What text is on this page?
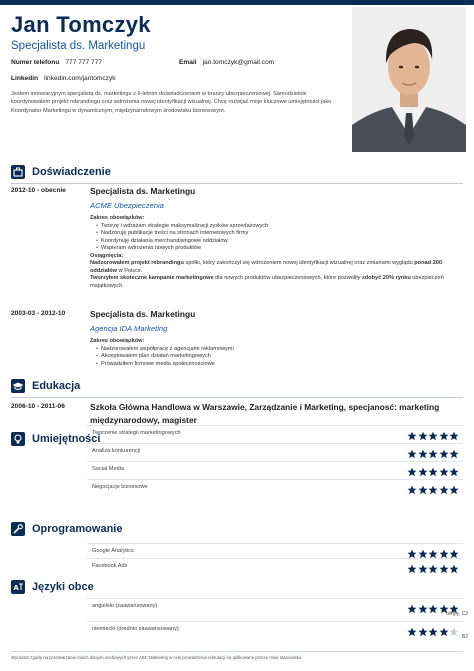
Jan Tomczyk
Specjalista ds. Marketingu
Numer telefonu 777 777 777	Email jan.tomczyk@gmail.com
Linkedin linkedin.com/jantomczyk
Jestem innowacyjnym specjalistą ds. marketingu z 6-letnim doświadczeniem w branży ubezpieczeniowej. Samodzielnie koordynowałem projekt rebrandingu oraz wdrożenia nowej identyfikacji wizualnej. Chcę rozwijać moje kluczowe umiejętności jako Koordynator Marketingu w dynamicznym, międzynarodowym środowisku biznesowym.
Doświadczenie
2012-10 - obecnie	Specjalista ds. Marketingu
ACME Ubezpieczenia
Zakres obowiązków:
• Tworzę i wdrażam strategie maksymalizacji zysków sprzedażowych
• Nadzoruję publikacje treści na stronach internetowych firmy
• Koordynuję działania merchandisingowe oddziałów
• Wspieram wdrożenia nowych produktów
Osiągnięcia:
Nadzorowałem projekt rebrandingu spółki, który zakończył się wdrożeniem nowej identyfikacji wizualnej oraz zmianami wyglądu ponad 200 oddziałów w Polsce.
Tworzyłem skuteczne kampanie marketingowe dla nowych produktów ubezpieczeniowych, które pozwoliły zdobyć 20% rynku ubezpieczeń majątkowych.
2003-03 - 2012-10	Specjalista ds. Marketingu
Agencja IDA Marketing
Zakres obowiązków:
• Nadzorowałem współpracę z agencjami reklamowymi
• Akceptowałem plan działań marketingowych
• Prowadziłem firmowe media społecznościowe
Edukacja
2006-10 - 2011-06	Szkoła Główna Handlowa w Warszawie, Zarządzanie i Marketing, specjanosć: marketing międzynarodowy, magister
Umiejętności
Tworzenie strategii marketingowych
Analiza konkurencji
Social Media
Negocjacje biznesowe
Oprogramowanie
Google Analytics
Facebook Ads
A Języki obce
angielski (zaawansowany)
biegły, C2
niemiecki (średnio zaawansowany)
B2
Wyrażam zgodę na przetwarzanie moich danych osobowych przez ABC Marketing w celu prowadzenia rekrutacji na aplikowane przeze mnie stanowisko.
